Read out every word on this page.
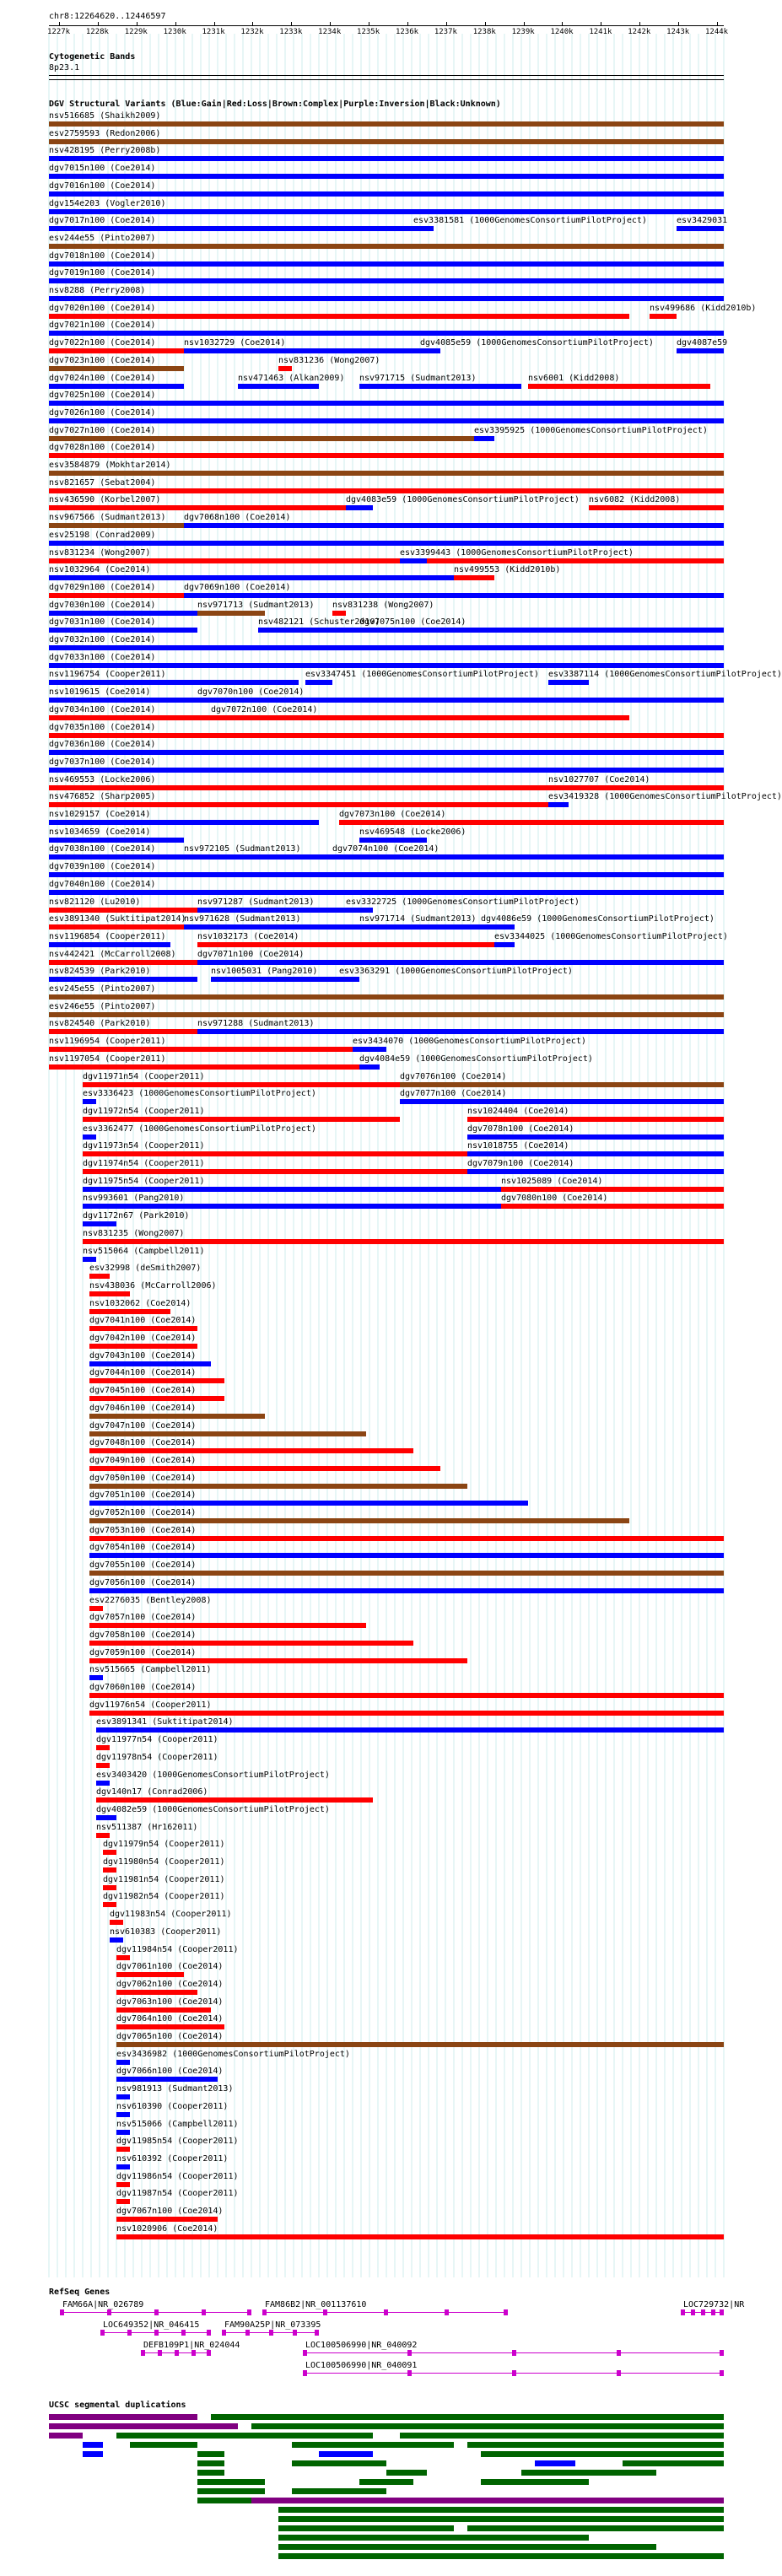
chr8:12264620..12446597
1227k 1228k 1229k 1230k 1231k 1232k 1233k 1234k 1235k 1236k 1237k 1238k 1239k 1240k 1241k 1242k 1243k 1244k
Cytogenetic Bands
8p23.1
DGV Structural Variants (Blue:Gain|Red:Loss|Brown:Complex|Purple:Inversion|Black:Unknown)
nsv516685 (Shaikh2009)
esv2759593 (Redon2006)
nsv428195 (Perry2008b)
dgv7015n100 (Coe2014)
dgv7016n100 (Coe2014)
dgv154e203 (Vogler2010)
dgv7017n100 (Coe2014)	esv3381581 (1000GenomesConsortiumPilotProject)	esv3429031
esv244e55 (Pinto2007)
dgv7018n100 (Coe2014)
dgv7019n100 (Coe2014)
nsv8288 (Perry2008)
dgv7020n100 (Coe2014)	nsv499686 (Kidd2010b)
dgv7021n100 (Coe2014)
dgv7022n100 (Coe2014)	nsv1032729 (Coe2014)	dgv4085e59 (1000GenomesConsortiumPilotProject)	dgv4087e59
dgv7023n100 (Coe2014)	nsv831236 (Wong2007)
dgv7024n100 (Coe2014)	nsv471463 (Alkan2009) nsv971715 (Sudmant2013)	nsv6001 (Kidd2008)
dgv7025n100 (Coe2014)
dgv7026n100 (Coe2014)
dgv7027n100 (Coe2014)	esv3395925 (1000GenomesConsortiumPilotProject)
dgv7028n100 (Coe2014)
esv3584879 (Mokhtar2014)
nsv821657 (Sebat2004)
nsv436590 (Korbel2007)	dgv4083e59 (1000GenomesConsortiumPilotProject) nsv6082 (Kidd2008)
nsv967566 (Sudmant2013) dgv7068n100 (Coe2014)
esv25198 (Conrad2009)
nsv831234 (Wong2007)	esv3399443 (1000GenomesConsortiumPilotProject)
nsv1032964 (Coe2014)	nsv499553 (Kidd2010b)
dgv7029n100 (Coe2014)	dgv7069n100 (Coe2014)
dgv7030n100 (Coe2014)	nsv971713 (Sudmant2013) nsv831238 (Wong2007)
dgv7031n100 (Coe2014)	nsv482121 (Schuster2010)
dgv7075n100 (Coe2014)
dgv7032n100 (Coe2014)
dgv7033n100 (Coe2014)
nsv1196754 (Cooper2011)	esv3347451 (1000GenomesConsortiumPilotProject) esv3387114 (1000GenomesConsortiumPilotProject)
nsv1019615 (Coe2014)	dgv7070n100 (Coe2014)
dgv7034n100 (Coe2014)	dgv7072n100 (Coe2014)
dgv7035n100 (Coe2014)
dgv7036n100 (Coe2014)
dgv7037n100 (Coe2014)
nsv469553 (Locke2006)	nsv1027707 (Coe2014)
nsv476852 (Sharp2005)	esv3419328 (1000GenomesConsortiumPilotProject)
nsv1029157 (Coe2014)	dgv7073n100 (Coe2014)
nsv1034659 (Coe2014)	nsv469548 (Locke2006)
dgv7038n100 (Coe2014)	nsv972105 (Sudmant2013)	dgv7074n100 (Coe2014)
dgv7039n100 (Coe2014)
dgv7040n100 (Coe2014)
nsv821120 (Lu2010)	nsv971287 (Sudmant2013)	esv3322725 (1000GenomesConsortiumPilotProject)
esv3891340 (Suktitipat2014)
nsv971628 (Sudmant2013)	nsv971714 (Sudmant2013) dgv4086e59 (1000GenomesConsortiumPilotProject)
nsv1196854 (Cooper2011)	nsv1032173 (Coe2014)	esv3344025 (1000GenomesConsortiumPilotProject)
nsv442421 (McCarroll2008)	dgv7071n100 (Coe2014)
nsv824539 (Park2010)	nsv1005031 (Pang2010)	esv3363291 (1000GenomesConsortiumPilotProject)
esv245e55 (Pinto2007)
esv246e55 (Pinto2007)
nsv824540 (Park2010)	nsv971288 (Sudmant2013)
nsv1196954 (Cooper2011)	esv3434070 (1000GenomesConsortiumPilotProject)
nsv1197054 (Cooper2011)	dgv4084e59 (1000GenomesConsortiumPilotProject)
dgv11971n54 (Cooper2011)	dgv7076n100 (Coe2014)
esv3336423 (1000GenomesConsortiumPilotProject)	dgv7077n100 (Coe2014)
dgv11972n54 (Cooper2011)	nsv1024404 (Coe2014)
esv3362477 (1000GenomesConsortiumPilotProject)	dgv7078n100 (Coe2014)
dgv11973n54 (Cooper2011)	nsv1018755 (Coe2014)
dgv11974n54 (Cooper2011)	dgv7079n100 (Coe2014)
dgv11975n54 (Cooper2011)	nsv1025089 (Coe2014)
nsv993601 (Pang2010)	dgv7080n100 (Coe2014)
dgv1172n67 (Park2010)
nsv831235 (Wong2007)
nsv515064 (Campbell2011)
esv32998 (deSmith2007)
nsv438036 (McCarroll2006)
nsv1032062 (Coe2014)
dgv7041n100 (Coe2014)
dgv7042n100 (Coe2014)
dgv7043n100 (Coe2014)
dgv7044n100 (Coe2014)
dgv7045n100 (Coe2014)
dgv7046n100 (Coe2014)
dgv7047n100 (Coe2014)
dgv7048n100 (Coe2014)
dgv7049n100 (Coe2014)
dgv7050n100 (Coe2014)
dgv7051n100 (Coe2014)
dgv7052n100 (Coe2014)
dgv7053n100 (Coe2014)
dgv7054n100 (Coe2014)
dgv7055n100 (Coe2014)
dgv7056n100 (Coe2014)
esv2276035 (Bentley2008)
dgv7057n100 (Coe2014)
dgv7058n100 (Coe2014)
dgv7059n100 (Coe2014)
nsv515665 (Campbell2011)
dgv7060n100 (Coe2014)
dgv11976n54 (Cooper2011)
esv3891341 (Suktitipat2014)
dgv11977n54 (Cooper2011)
dgv11978n54 (Cooper2011)
esv3403420 (1000GenomesConsortiumPilotProject)
dgv140n17 (Conrad2006)
dgv4082e59 (1000GenomesConsortiumPilotProject)
nsv511387 (Hr162011)
dgv11979n54 (Cooper2011)
dgv11980n54 (Cooper2011)
dgv11981n54 (Cooper2011)
dgv11982n54 (Cooper2011)
dgv11983n54 (Cooper2011)
nsv610383 (Cooper2011)
dgv11984n54 (Cooper2011)
dgv7061n100 (Coe2014)
dgv7062n100 (Coe2014)
dgv7063n100 (Coe2014)
dgv7064n100 (Coe2014)
dgv7065n100 (Coe2014)
esv3436982 (1000GenomesConsortiumPilotProject)
dgv7066n100 (Coe2014)
nsv981913 (Sudmant2013)
nsv610390 (Cooper2011)
nsv515066 (Campbell2011)
dgv11985n54 (Cooper2011)
nsv610392 (Cooper2011)
dgv11986n54 (Cooper2011)
dgv11987n54 (Cooper2011)
dgv7067n100 (Coe2014)
nsv1020906 (Coe2014)
RefSeq Genes
FAM66A|NR_026789	FAM86B2|NR_001137610	LOC729732|NR
LOC649352|NR_046415	FAM90A25P|NR_073395
DEFB109P1|NR_024044	LOC100506990|NR_040092
LOC100506990|NR_040091
UCSC segmental duplications
